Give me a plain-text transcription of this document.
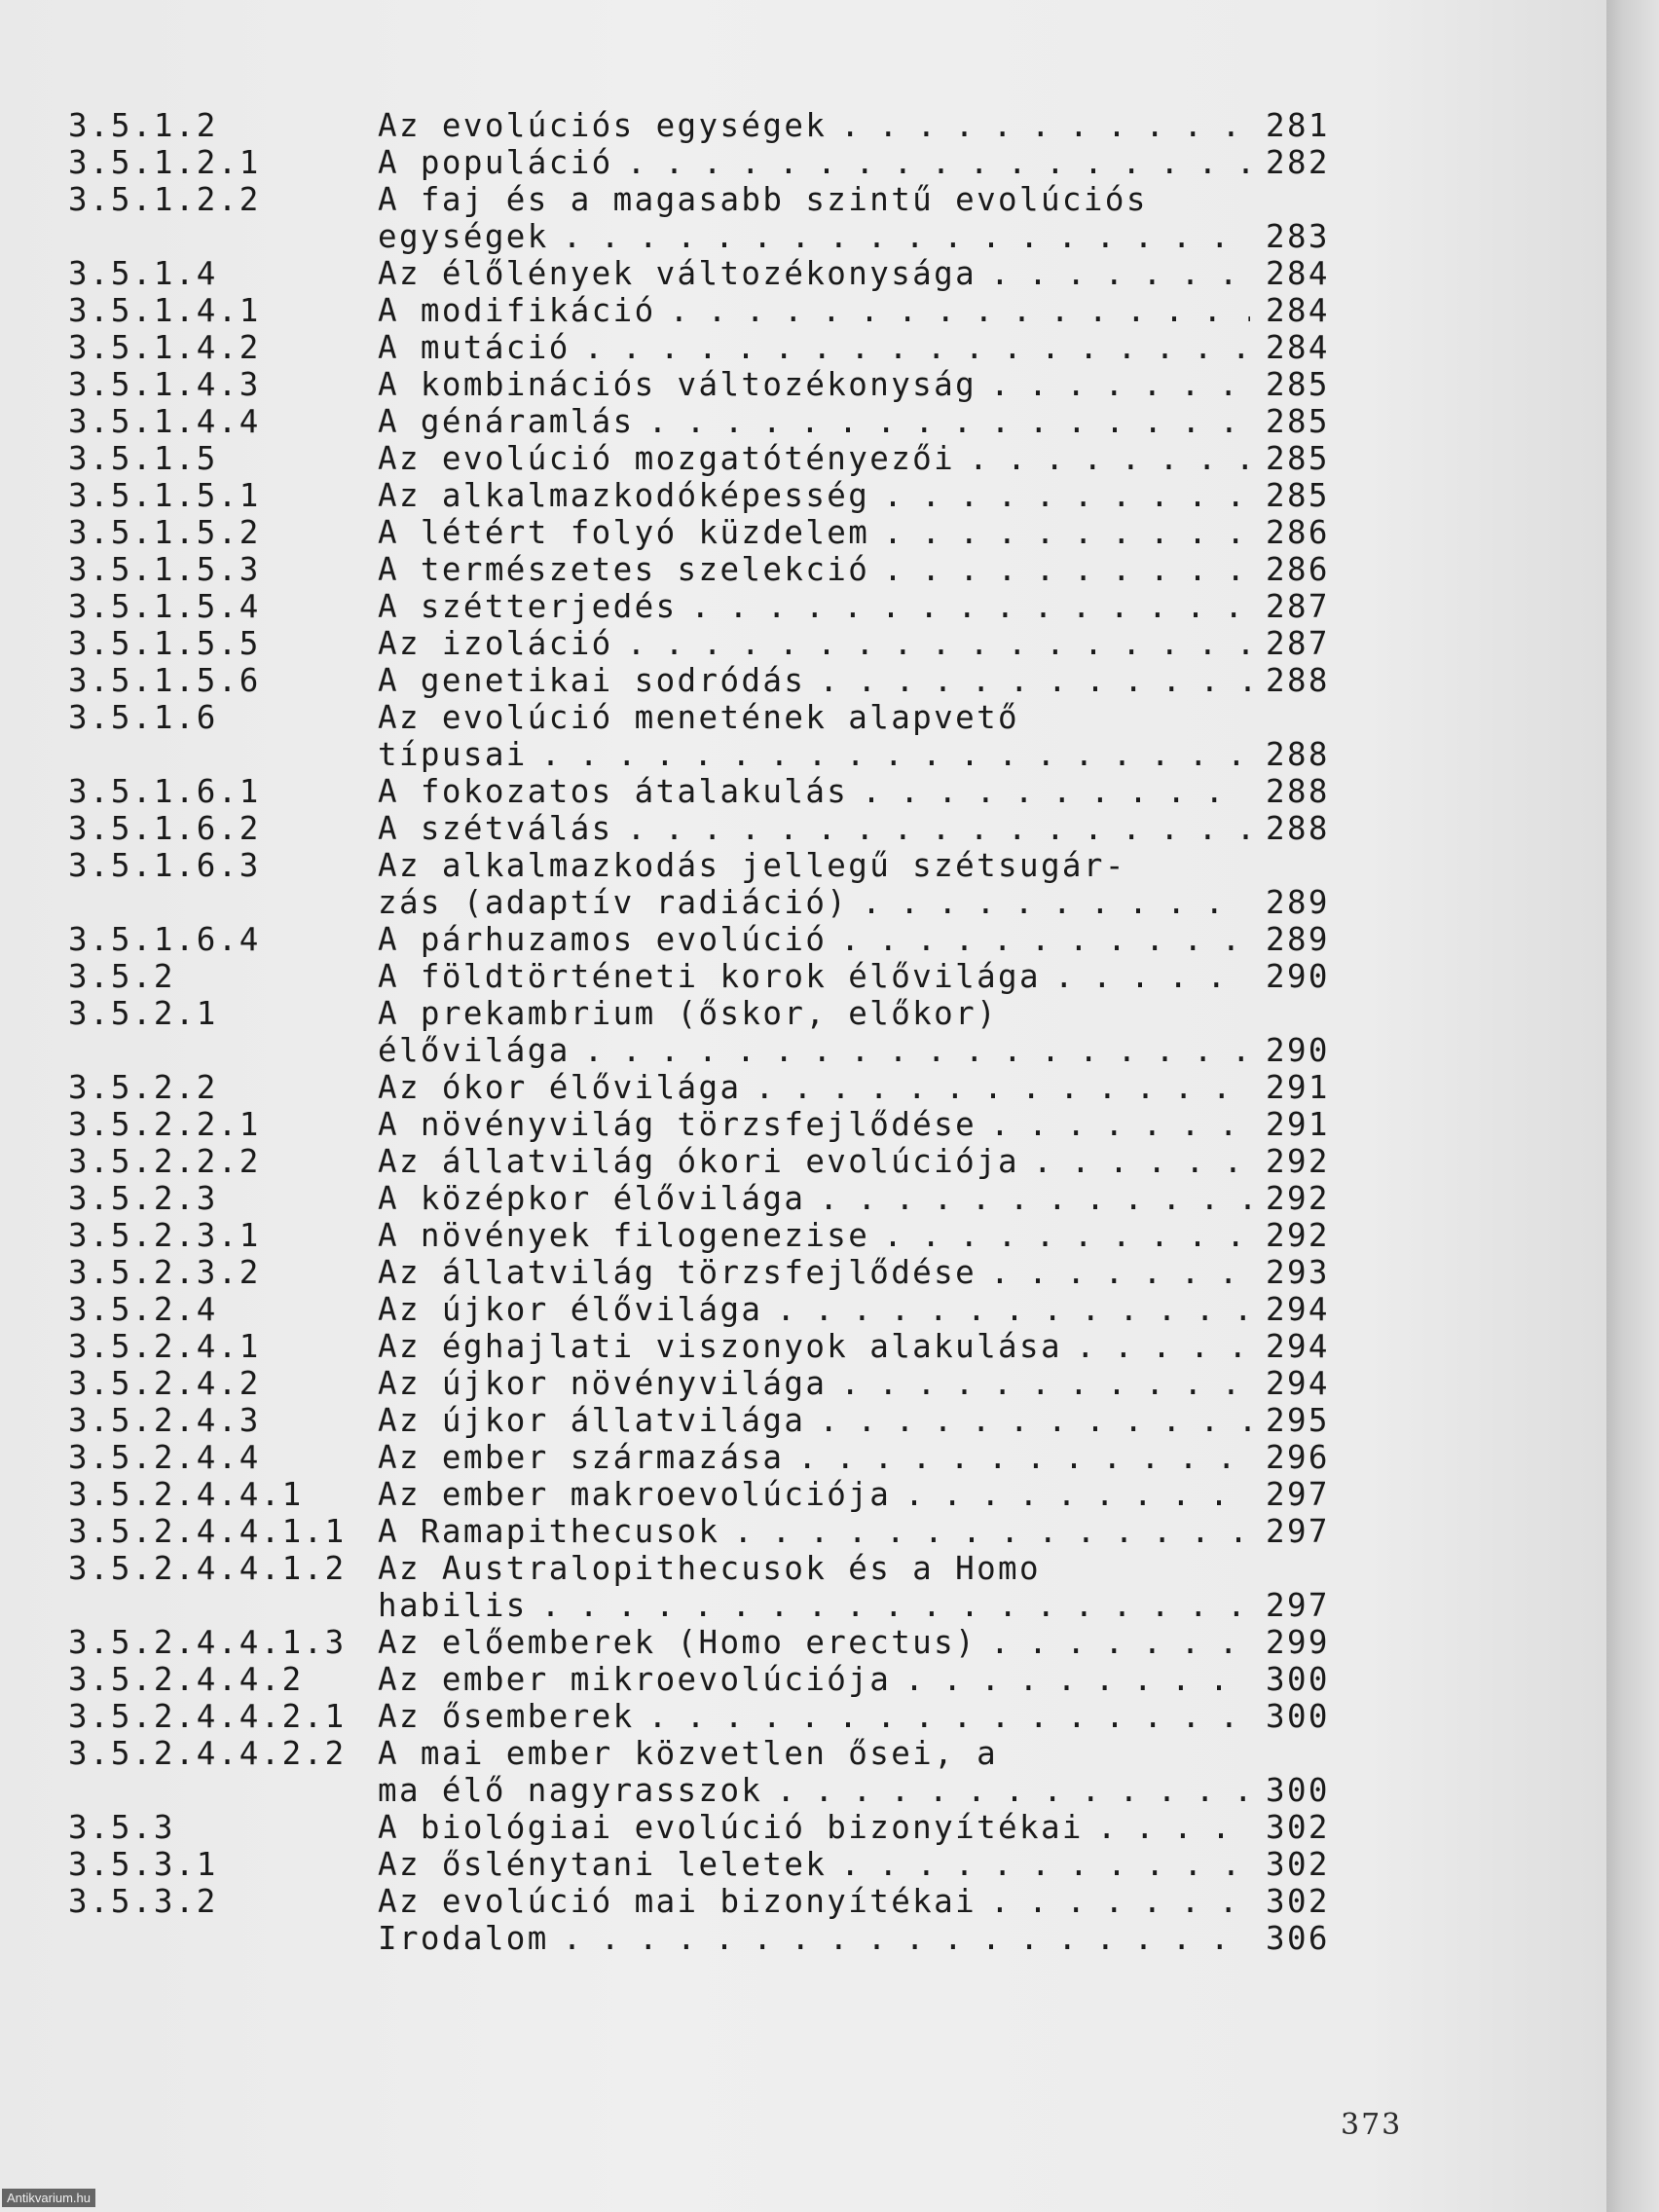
3.5.1.2	Az evolúciós egységek . . .	281
3.5.1.2.1	A populáció . . .	282
3.5.1.2.2	A faj és a magasabb szintű evolúciós
egységek . . .	283
3.5.1.4	Az élőlények változékonysága . . .	284
3.5.1.4.1	A modifikáció . . .	284
3.5.1.4.2	A mutáció . . .	284
3.5.1.4.3	A kombinációs változékonyság . . .	285
3.5.1.4.4	A génáramlás . . .	285
3.5.1.5	Az evolúció mozgatótényezői . . .	285
3.5.1.5.1	Az alkalmazkodóképesség . . .	285
3.5.1.5.2	A létért folyó küzdelem . . .	286
3.5.1.5.3	A természetes szelekció . . .	286
3.5.1.5.4	A szétterjedés . . .	287
3.5.1.5.5	Az izoláció . . .	287
3.5.1.5.6	A genetikai sodródás . . .	288
3.5.1.6	Az evolúció menetének alapvető
típusai . . .	288
3.5.1.6.1	A fokozatos átalakulás . . .	288
3.5.1.6.2	A szétválás . . .	288
3.5.1.6.3	Az alkalmazkodás jellegű szétsugár-
zás (adaptív radiáció) . . .	289
3.5.1.6.4	A párhuzamos evolúció . . .	289
3.5.2	A földtörténeti korok élővilága . . .	290
3.5.2.1	A prekambrium (őskor, előkor)
élővilága . . .	290
3.5.2.2	Az ókor élővilága . . .	291
3.5.2.2.1	A növényvilág törzsfejlődése . . .	291
3.5.2.2.2	Az állatvilág ókori evolúciója . . .	292
3.5.2.3	A középkor élővilága . . .	292
3.5.2.3.1	A növények filogenezise . . .	292
3.5.2.3.2	Az állatvilág törzsfejlődése . . .	293
3.5.2.4	Az újkor élővilága . . .	294
3.5.2.4.1	Az éghajlati viszonyok alakulása . . .	294
3.5.2.4.2	Az újkor növényvilága . . .	294
3.5.2.4.3	Az újkor állatvilága . . .	295
3.5.2.4.4	Az ember származása . . .	296
3.5.2.4.4.1	Az ember makroevolúciója . . .	297
3.5.2.4.4.1.1 A Ramapithecusok . . .	297
3.5.2.4.4.1.2 Az Australopithecusok és a Homo
habilis . . .	297
3.5.2.4.4.1.3 Az előemberek (Homo erectus) . . .	299
3.5.2.4.4.2	Az ember mikroevolúciója . . .	300
3.5.2.4.4.2.1 Az ősemberek . . .	300
3.5.2.4.4.2.2 A mai ember közvetlen ősei, a
ma élő nagyrasszok . . .	300
3.5.3	A biológiai evolúció bizonyítékai . . .	302
3.5.3.1	Az őslénytani leletek . . .	302
3.5.3.2	Az evolúció mai bizonyítékai . . .	302
Irodalom . . .	306
373
Antikvarium.hu
